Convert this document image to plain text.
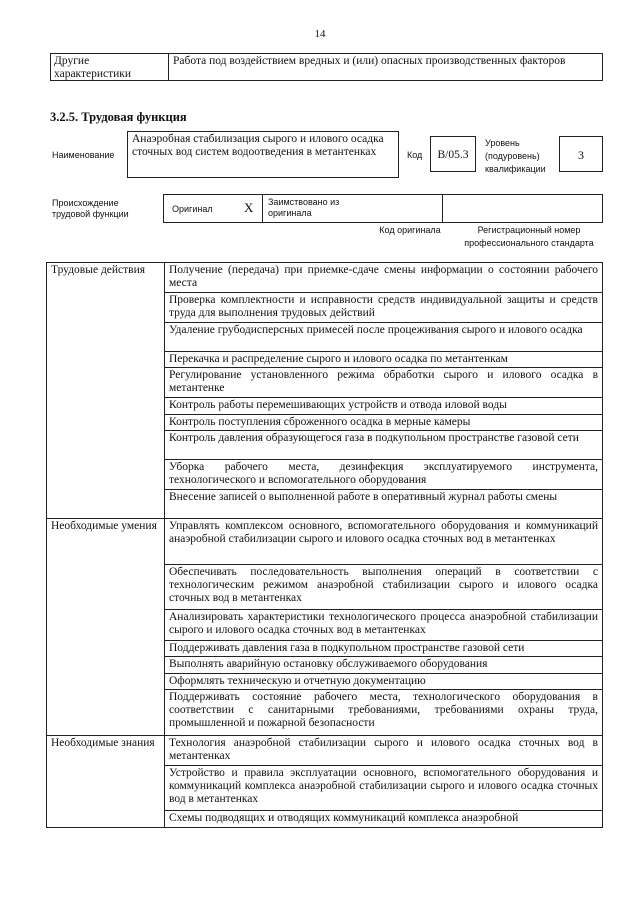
14
Другие характеристики
Работа под воздействием вредных и (или) опасных производственных факторов
3.2.5. Трудовая функция
Наименование
Анаэробная стабилизация сырого и илового осадка сточных вод систем водоотведения в метантенках	Код	В/05.3
Уровень (подуровень) квалификации
3
Происхождение трудовой функции	Оригинал X Заимствовано из оригинала
Код оригинала	Регистрационный номер профессионального стандарта
Трудовые действия	Получение (передача) при приемке-сдаче смены информации о состоянии рабочего места
	Проверка комплектности и исправности средств индивидуальной защиты и средств труда для выполнения трудовых действий
	Удаление грубодисперсных примесей после процеживания сырого и илового осадка
	Перекачка и распределение сырого и илового осадка по метантенкам
	Регулирование установленного режима обработки сырого и илового осадка в метантенке
	Контроль работы перемешивающих устройств и отвода иловой воды
	Контроль поступления сброженного осадка в мерные камеры
	Контроль давления образующегося газа в подкупольном пространстве газовой сети
	Уборка рабочего места, дезинфекция эксплуатируемого инструмента, технологического и вспомогательного оборудования
	Внесение записей о выполненной работе в оперативный журнал работы смены
Необходимые умения	Управлять комплексом основного, вспомогательного оборудования и коммуникаций анаэробной стабилизации сырого и илового осадка сточных вод в метантенках
	Обеспечивать последовательность выполнения операций в соответствии с технологическим режимом анаэробной стабилизации сырого и илового осадка сточных вод в метантенках
	Анализировать характеристики технологического процесса анаэробной стабилизации сырого и илового осадка сточных вод в метантенках
	Поддерживать давления газа в подкупольном пространстве газовой сети
	Выполнять аварийную остановку обслуживаемого оборудования
	Оформлять техническую и отчетную документацию
	Поддерживать состояние рабочего места, технологического оборудования в соответствии с санитарными требованиями, требованиями охраны труда, промышленной и пожарной безопасности
Необходимые знания	Технология анаэробной стабилизации сырого и илового осадка сточных вод в метантенках
	Устройство и правила эксплуатации основного, вспомогательного оборудования и коммуникаций комплекса анаэробной стабилизации сырого и илового осадка сточных вод в метантенках
	Схемы подводящих и отводящих коммуникаций комплекса анаэробной
